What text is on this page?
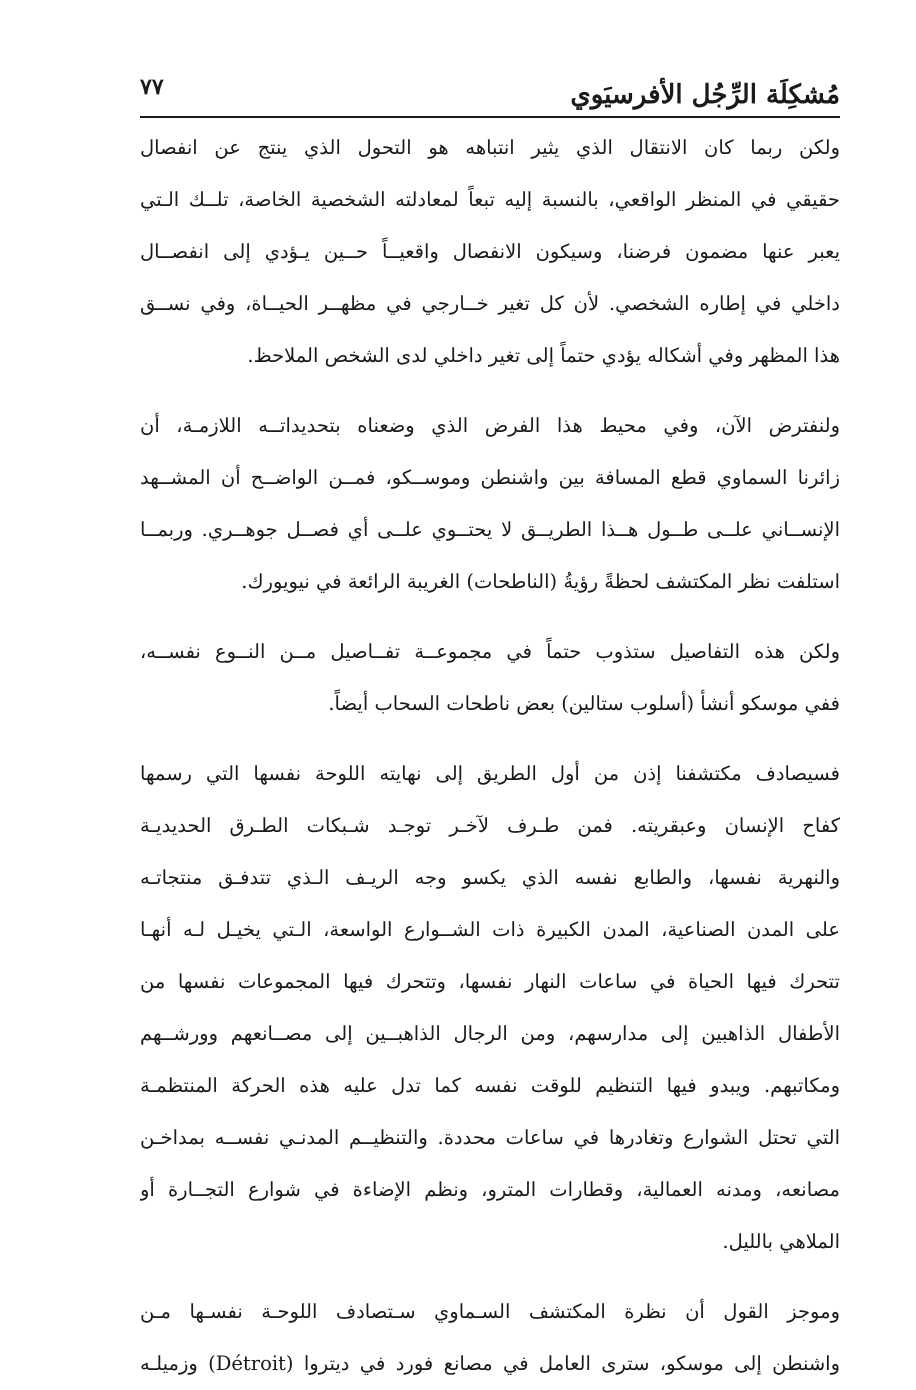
٧٧	مُشكِلَة الرِّجُل الأفرسيَوي
ولكن ربما كان الانتقال الذي يثير انتباهه هو التحول الذي ينتج عن انفصال
حقيقي في المنظر الواقعي، بالنسبة إليه تبعاً لمعادلته الشخصية الخاصة، تلــك الـتي
يعبر عنها مضمون فرضنا، وسيكون الانفصال واقعيــاً حــين يـؤدي إلى انفصــال
داخلي في إطاره الشخصي. لأن كل تغير خــارجي في مظهــر الحيــاة، وفي نســق
هذا المظهر وفي أشكاله يؤدي حتماً إلى تغير داخلي لدى الشخص الملاحظ.
ولنفترض الآن، وفي محيط هذا الفرض الذي وضعناه بتحديداتــه اللازمـة، أن
زائرنا السماوي قطع المسافة بين واشنطن وموســكو، فمــن الواضــح أن المشــهد
الإنســاني علــى طــول هــذا الطريــق لا يحتــوي علــى أي فصــل جوهــري. وربمــا
استلفت نظر المكتشف لحظةً رؤيةُ (الناطحات) الغريبة الرائعة في نيويورك.
ولكن هذه التفاصيل ستذوب حتماً في مجموعــة تفــاصيل مــن النــوع نفســه،
ففي موسكو أنشأ (أسلوب ستالين) بعض ناطحات السحاب أيضاً.
فسيصادف مكتشفنا إذن من أول الطريق إلى نهايته اللوحة نفسها التي رسمها
كفاح الإنسان وعبقريته. فمن طـرف لآخـر توجـد شـبكات الطـرق الحديديـة
والنهرية نفسها، والطابع نفسه الذي يكسو وجه الريـف الـذي تتدفـق منتجاتـه
على المدن الصناعية، المدن الكبيرة ذات الشــوارع الواسعة، الـتي يخيـل لـه أنهـا
تتحرك فيها الحياة في ساعات النهار نفسها، وتتحرك فيها المجموعات نفسها من
الأطفال الذاهبين إلى مدارسهم، ومن الرجال الذاهبــين إلى مصــانعهم وورشــهم
ومكاتبهم. ويبدو فيها التنظيم للوقت نفسه كما تدل عليه هذه الحركة المنتظمـة
التي تحتل الشوارع وتغادرها في ساعات محددة. والتنظيــم المدنـي نفســه بمداخـن
مصانعه، ومدنه العمالية، وقطارات المترو، ونظم الإضاءة في شوارع التجــارة أو
الملاهي بالليل.
وموجز القول أن نظرة المكتشف السـماوي سـتصادف اللوحـة نفسـها مـن
واشنطن إلى موسكو، سترى العامل في مصانع فورد في ديترو‌ا (Détroit) وزميلـه
